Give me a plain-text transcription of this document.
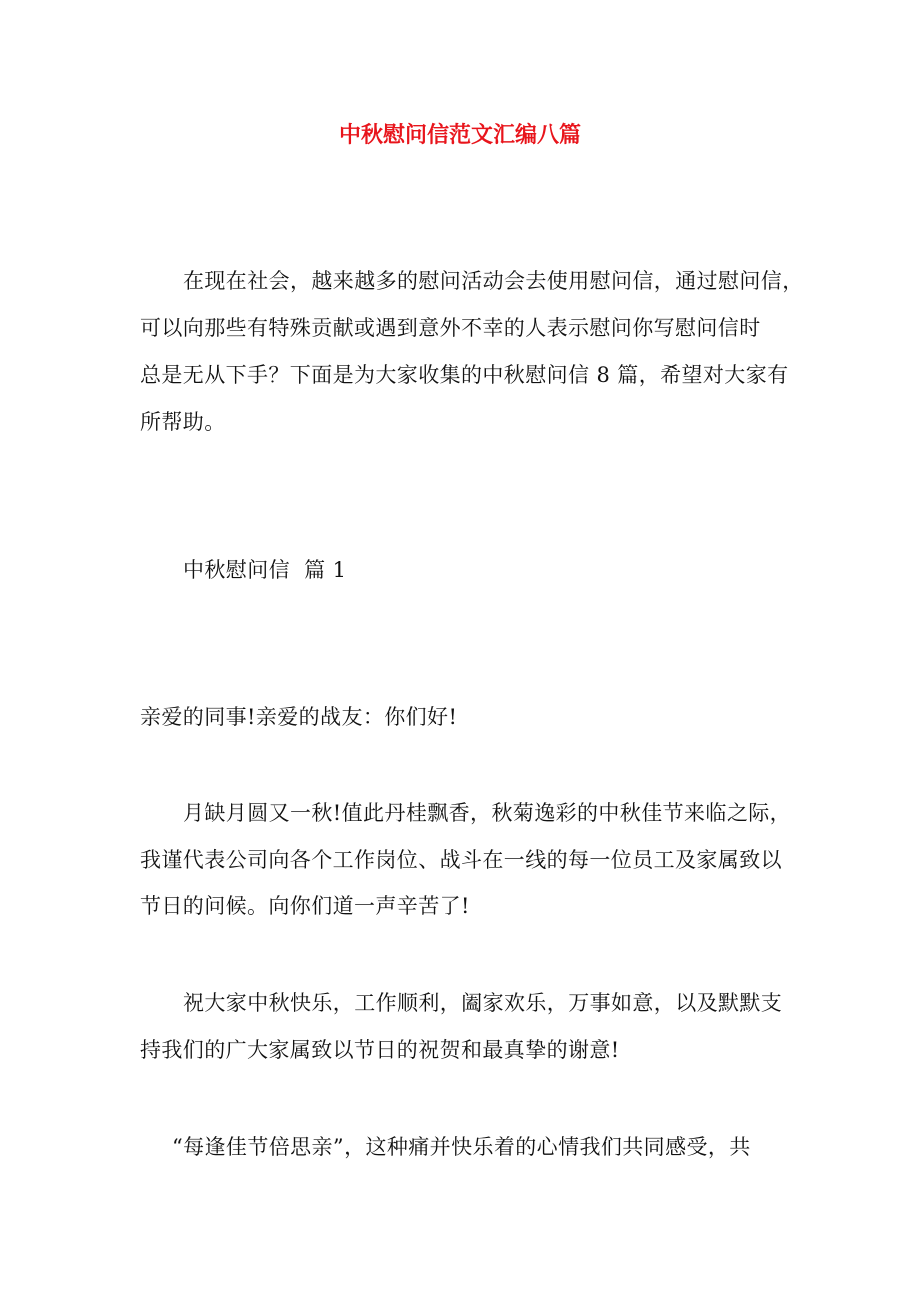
中秋慰问信范文汇编八篇
在现在社会，越来越多的慰问活动会去使用慰问信，通过慰问信，
可以向那些有特殊贡献或遇到意外不幸的人表示慰问你写慰问信时
总是无从下手？下面是为大家收集的中秋慰问信 8 篇，希望对大家有
所帮助。
中秋慰问信  篇 1
亲爱的同事!亲爱的战友：你们好!
月缺月圆又一秋!值此丹桂飘香，秋菊逸彩的中秋佳节来临之际，
我谨代表公司向各个工作岗位、战斗在一线的每一位员工及家属致以
节日的问候。向你们道一声辛苦了!
祝大家中秋快乐，工作顺利，阖家欢乐，万事如意，以及默默支
持我们的广大家属致以节日的祝贺和最真挚的谢意!
“每逢佳节倍思亲”，这种痛并快乐着的心情我们共同感受，共
